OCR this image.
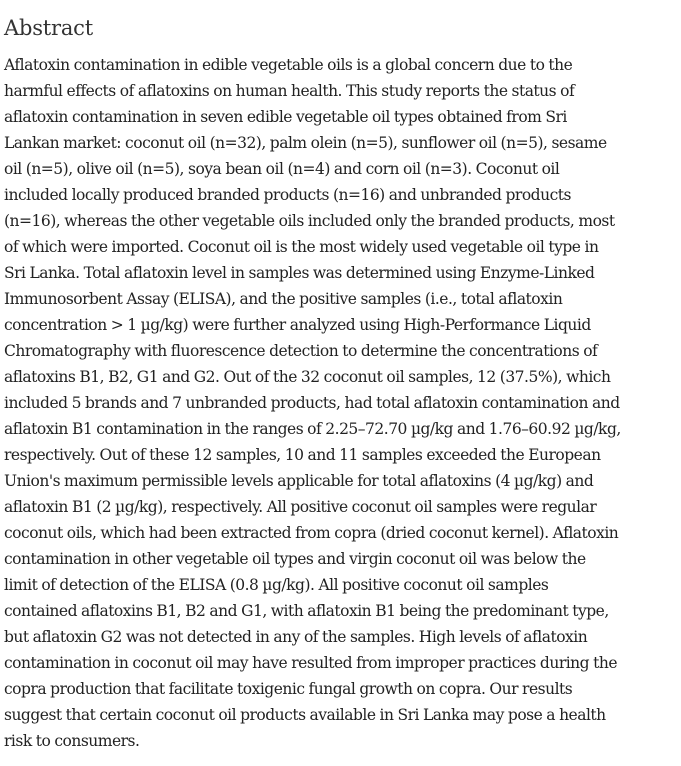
Abstract
Aflatoxin contamination in edible vegetable oils is a global concern due to the
harmful effects of aflatoxins on human health. This study reports the status of
aflatoxin contamination in seven edible vegetable oil types obtained from Sri
Lankan market: coconut oil (n=32), palm olein (n=5), sunflower oil (n=5), sesame
oil (n=5), olive oil (n=5), soya bean oil (n=4) and corn oil (n=3). Coconut oil
included locally produced branded products (n=16) and unbranded products
(n=16), whereas the other vegetable oils included only the branded products, most
of which were imported. Coconut oil is the most widely used vegetable oil type in
Sri Lanka. Total aflatoxin level in samples was determined using Enzyme-Linked
Immunosorbent Assay (ELISA), and the positive samples (i.e., total aflatoxin
concentration > 1 µg/kg) were further analyzed using High-Performance Liquid
Chromatography with fluorescence detection to determine the concentrations of
aflatoxins B1, B2, G1 and G2. Out of the 32 coconut oil samples, 12 (37.5%), which
included 5 brands and 7 unbranded products, had total aflatoxin contamination and
aflatoxin B1 contamination in the ranges of 2.25–72.70 µg/kg and 1.76–60.92 µg/kg,
respectively. Out of these 12 samples, 10 and 11 samples exceeded the European
Union's maximum permissible levels applicable for total aflatoxins (4 µg/kg) and
aflatoxin B1 (2 µg/kg), respectively. All positive coconut oil samples were regular
coconut oils, which had been extracted from copra (dried coconut kernel). Aflatoxin
contamination in other vegetable oil types and virgin coconut oil was below the
limit of detection of the ELISA (0.8 µg/kg). All positive coconut oil samples
contained aflatoxins B1, B2 and G1, with aflatoxin B1 being the predominant type,
but aflatoxin G2 was not detected in any of the samples. High levels of aflatoxin
contamination in coconut oil may have resulted from improper practices during the
copra production that facilitate toxigenic fungal growth on copra. Our results
suggest that certain coconut oil products available in Sri Lanka may pose a health
risk to consumers.
